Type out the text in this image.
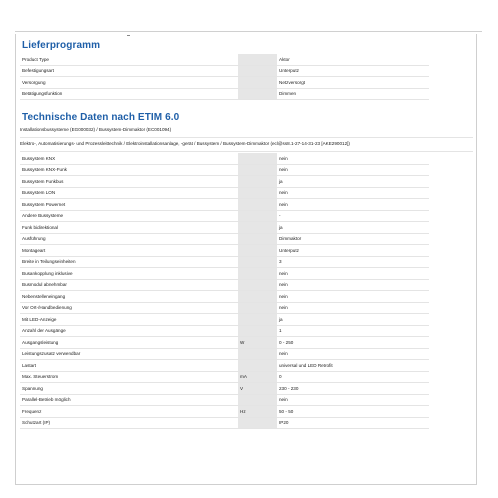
Lieferprogramm
Product Type			Aktor
Befestigungsart			Unterputz
Versorgung			Netzversorgt
Betätigungsfunktion			Dimmen
Technische Daten nach ETIM 6.0
Installationsbussysteme (EG000032) / Bussystem-Dimmaktor (EC001094)
Elektro-, Automatisierungs- und Prozessleittechnik / Elektroinstallationsanlage, -gerät / Bussystem / Bussystem-Dimmaktor (ecl@ss8.1-27-14-31-23 [AKE290012])
Bussystem KNX			nein
Bussystem KNX-Funk			nein
Bussystem Funkbus			ja
Bussystem LON			nein
Bussystem Powernet			nein
Andere Bussysteme			-
Funk bidirektional			ja
Ausführung			Dimmaktor
Montageart			Unterputz
Breite in Teilungseinheiten			3
Busankopplung inklusive			nein
Busmodul abnehmbar			nein
Nebenstelleneingang			nein
Vor Ort-/Handbedienung			nein
Mit LED-Anzeige			ja
Anzahl der Ausgänge			1
Ausgangsleistung		W	0 - 250
Leistungszusatz verwendbar			nein
Lastart			universal und LED Retrofit
Max. Steuerstrom		mA	0
Spannung		V	230 - 230
Parallel-Betrieb möglich			nein
Frequenz		Hz	50 - 50
Schutzart (IP)			IP20
